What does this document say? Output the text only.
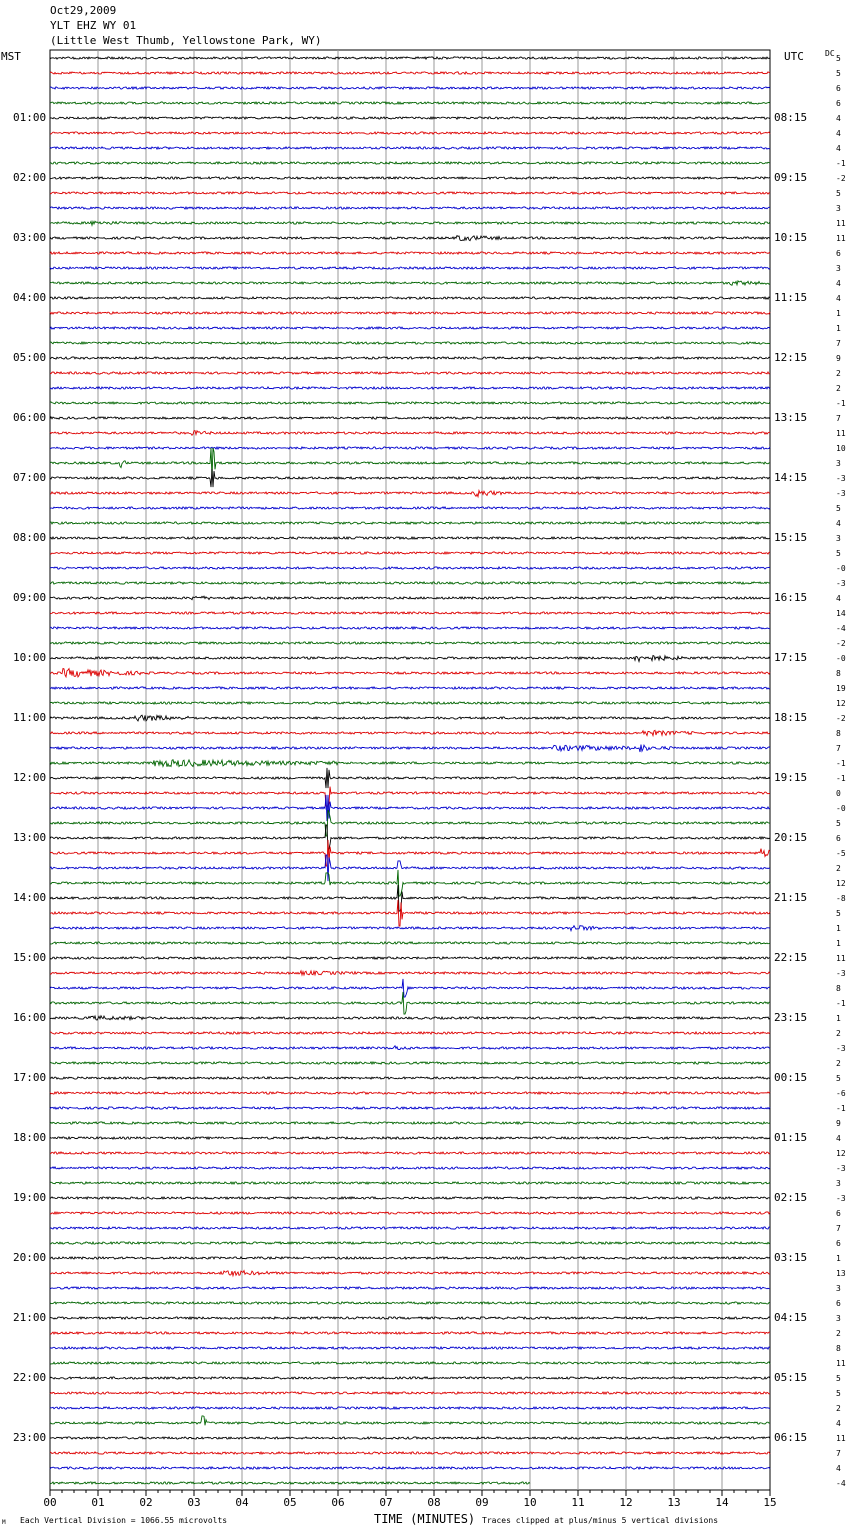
Oct29,2009
YLT EHZ WY 01
(Little West Thumb, Yellowstone Park, WY)
MST	UTC	DC
00	01	02	03	04	05	06	07	08	09	10	11	12	13	14	15
01:00
02:00
03:00
04:00
05:00
06:00
07:00
08:00
09:00
10:00
11:00
12:00
13:00
14:00
15:00
16:00
17:00
18:00
19:00
20:00
21:00
22:00
23:00
08:15
09:15
10:15
11:15
12:15
13:15
14:15
15:15
16:15
17:15
18:15
19:15
20:15
21:15
22:15
23:15
00:15
01:15
02:15
03:15
04:15
05:15
06:15
5
5
6
6
4
4
4
-1
-2
5
3
11
11
6
3
4
4
1
1
7
9
2
2
-1
7
11
10
3
-3
-3
5
4
3
5
-0
-3
4
14
-4
-2
-0
8
19
12
-2
8
7
-1
-1
0
-0
5
6
-5
2
12
-8
5
1
1
11
-3
8
-1
1
2
-3
2
5
-6
-1
9
4
12
-3
3
-3
6
7
6
1
13
3
6
3
2
8
11
5
5
2
4
11
7
4
-4
TIME (MINUTES)
Each Vertical Division = 1066.55 microvolts	Traces clipped at plus/minus 5 vertical divisions
M
